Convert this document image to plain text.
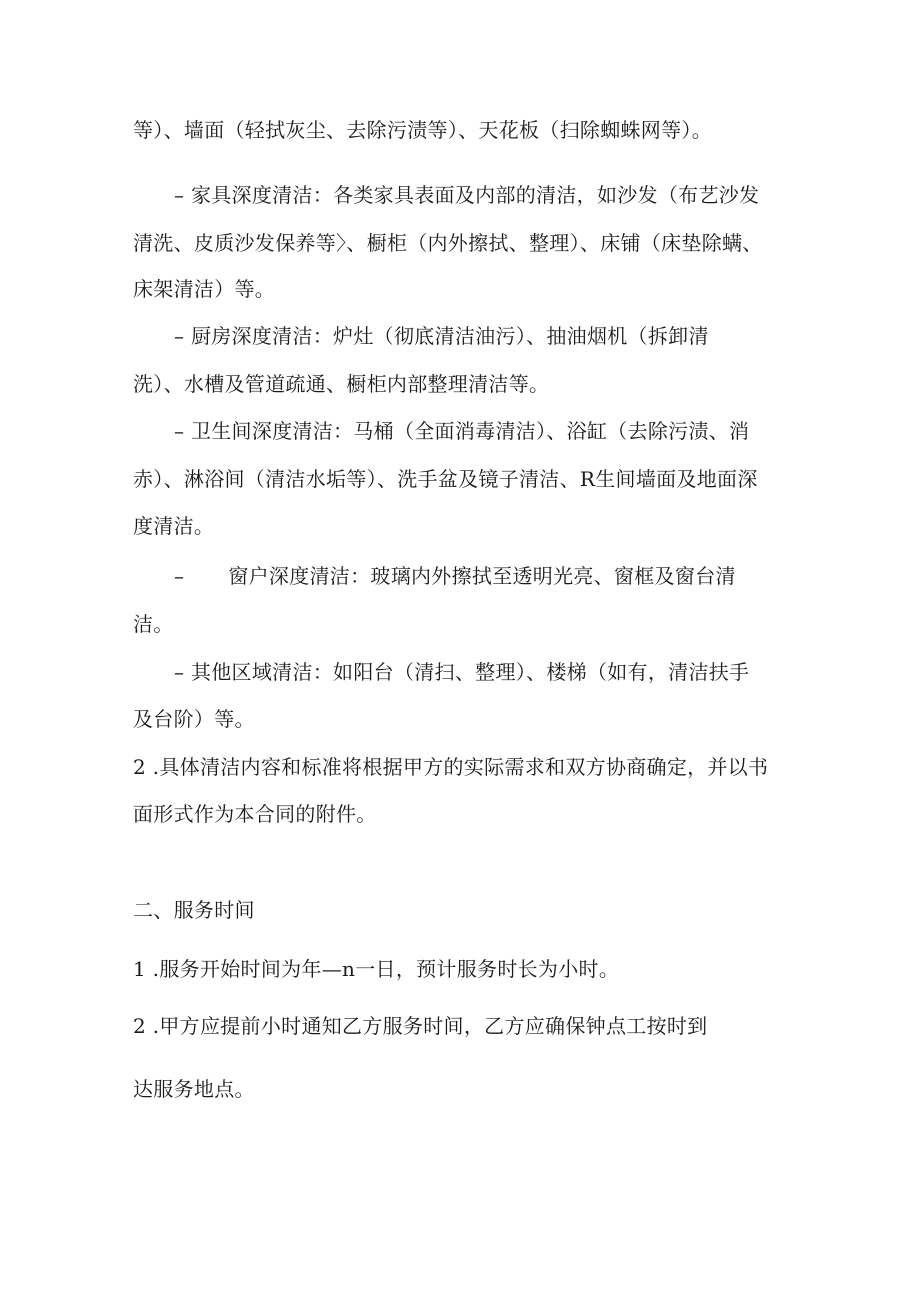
等）、墙面（轻拭灰尘、去除污渍等）、天花板（扫除蜘蛛网等）。
– 家具深度清洁：各类家具表面及内部的清洁，如沙发（布艺沙发
清洗、皮质沙发保养等〉、橱柜（内外擦拭、整理）、床铺（床垫除螨、
床架清洁）等。
– 厨房深度清洁：炉灶（彻底清洁油污）、抽油烟机（拆卸清
洗）、水槽及管道疏通、橱柜内部整理清洁等。
– 卫生间深度清洁：马桶（全面消毒清洁）、浴缸（去除污渍、消
赤）、淋浴间（清洁水垢等）、洗手盆及镜子清洁、R生间墙面及地面深
度清洁。
– 窗户深度清洁：玻璃内外擦拭至透明光亮、窗框及窗台清
洁。
– 其他区域清洁：如阳台（清扫、整理）、楼梯（如有，清洁扶手
及台阶）等。
2 .具体清洁内容和标准将根据甲方的实际需求和双方协商确定，并以书
面形式作为本合同的附件。
二、服务时间
1 .服务开始时间为年—n一日，预计服务时长为小时。
2 .甲方应提前小时通知乙方服务时间，乙方应确保钟点工按时到
达服务地点。
